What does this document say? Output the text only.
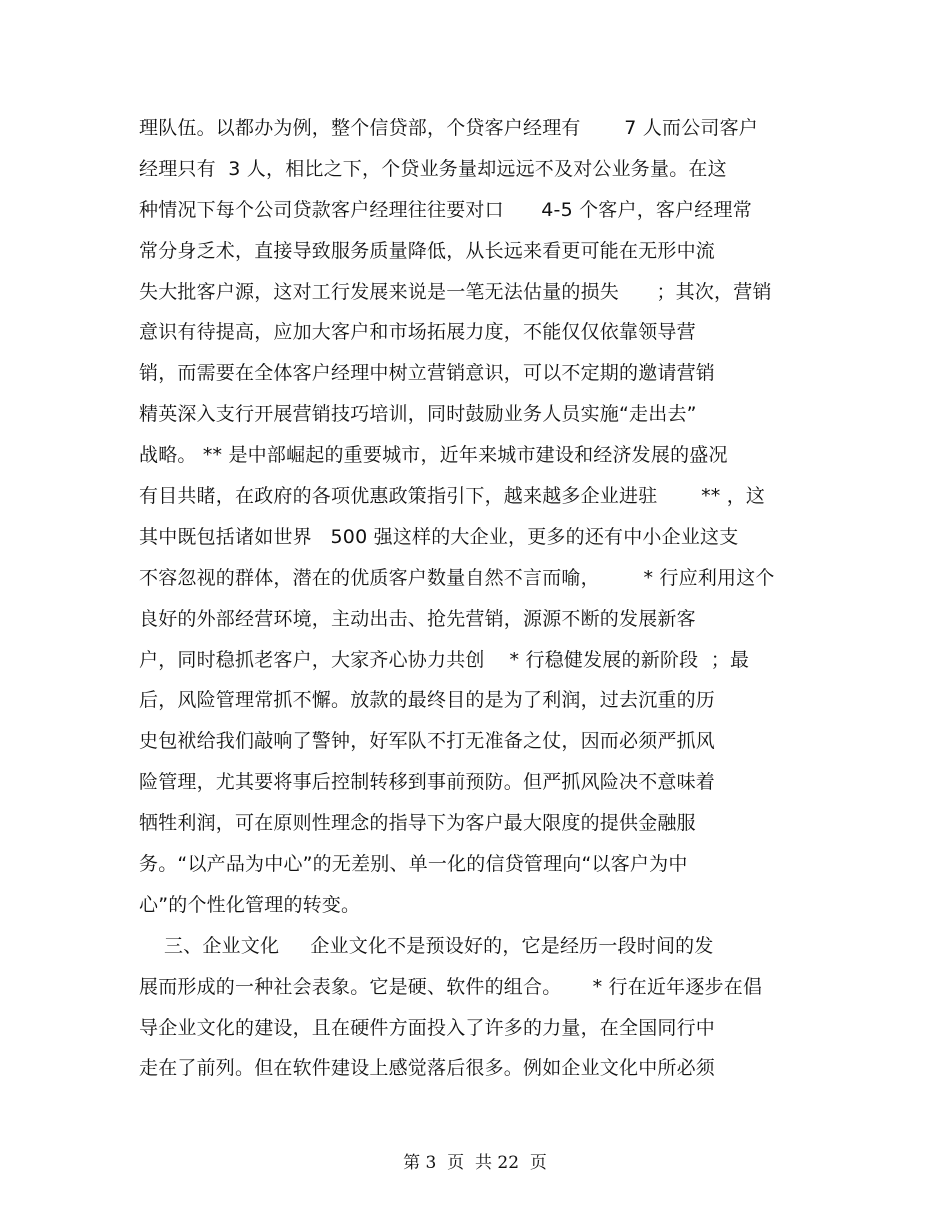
理队伍。以都办为例，整个信贷部，个贷客户经理有       7 人而公司客户
经理只有  3 人，相比之下，个贷业务量却远远不及对公业务量。在这
种情况下每个公司贷款客户经理往往要对口      4-5 个客户，客户经理常
常分身乏术，直接导致服务质量降低，从长远来看更可能在无形中流
失大批客户源，这对工行发展来说是一笔无法估量的损失      ；其次，营销
意识有待提高，应加大客户和市场拓展力度，不能仅仅依靠领导营
销，而需要在全体客户经理中树立营销意识，可以不定期的邀请营销
精英深入支行开展营销技巧培训，同时鼓励业务人员实施“走出去”
战略。 ** 是中部崛起的重要城市，近年来城市建设和经济发展的盛况
有目共睹，在政府的各项优惠政策指引下，越来越多企业进驻       ** ，这
其中既包括诸如世界   500 强这样的大企业，更多的还有中小企业这支
不容忽视的群体，潜在的优质客户数量自然不言而喻，       * 行应利用这个
良好的外部经营环境，主动出击、抢先营销，源源不断的发展新客
户，同时稳抓老客户，大家齐心协力共创    * 行稳健发展的新阶段  ；最
后，风险管理常抓不懈。放款的最终目的是为了利润，过去沉重的历
史包袱给我们敲响了警钟，好军队不打无准备之仗，因而必须严抓风
险管理，尤其要将事后控制转移到事前预防。但严抓风险决不意味着
牺牲利润，可在原则性理念的指导下为客户最大限度的提供金融服
务。“以产品为中心”的无差别、单一化的信贷管理向“以客户为中
心”的个性化管理的转变。
三、企业文化     企业文化不是预设好的，它是经历一段时间的发
展而形成的一种社会表象。它是硬、软件的组合。     * 行在近年逐步在倡
导企业文化的建设，且在硬件方面投入了许多的力量，在全国同行中
走在了前列。但在软件建设上感觉落后很多。例如企业文化中所必须
第 3  页  共 22  页
